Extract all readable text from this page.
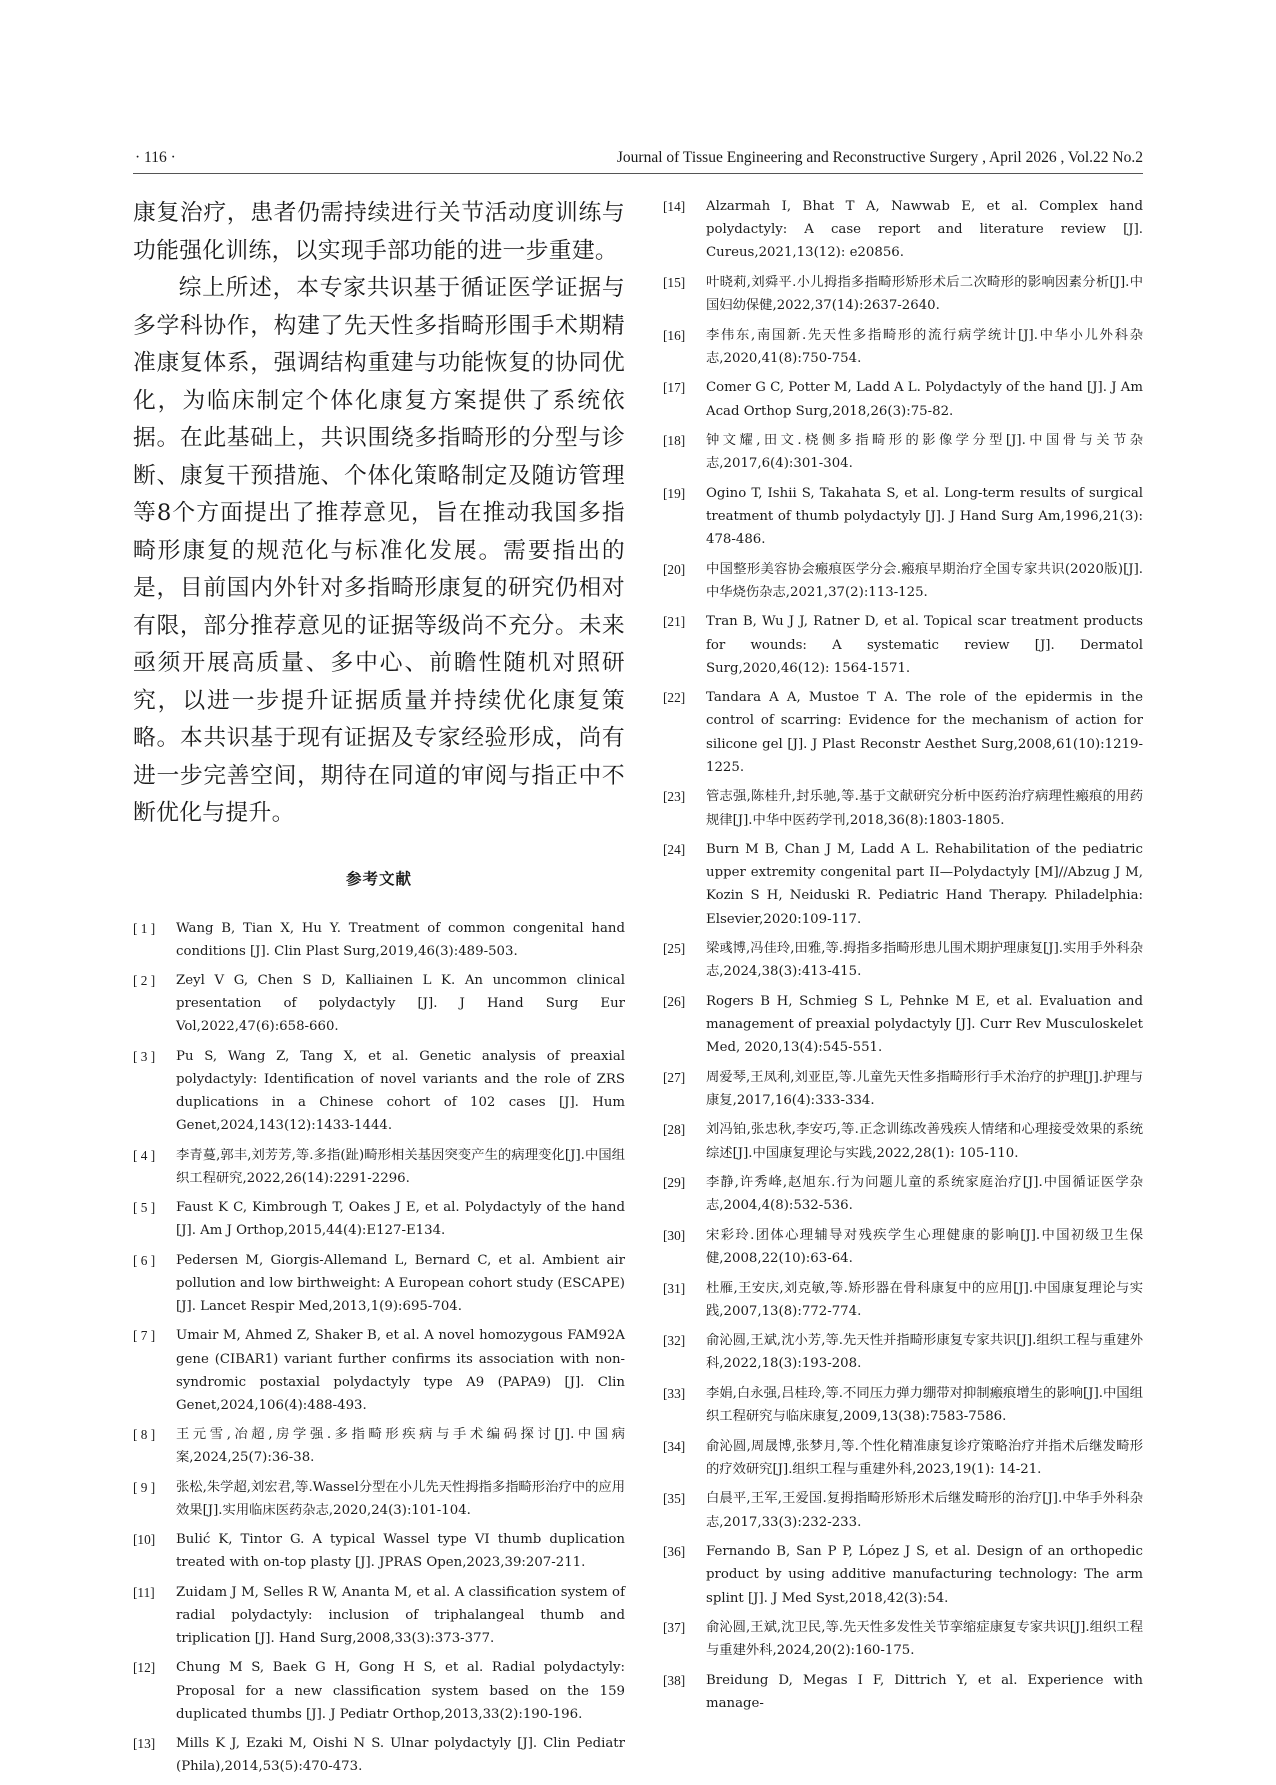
· 116 ·	Journal of Tissue Engineering and Reconstructive Surgery , April 2026 , Vol.22 No.2

康复治疗，患者仍需持续进行关节活动度训练与功能强化训练，以实现手部功能的进一步重建。

综上所述，本专家共识基于循证医学证据与多学科协作，构建了先天性多指畸形围手术期精准康复体系，强调结构重建与功能恢复的协同优化，为临床制定个体化康复方案提供了系统依据。在此基础上，共识围绕多指畸形的分型与诊断、康复干预措施、个体化策略制定及随访管理等8个方面提出了推荐意见，旨在推动我国多指畸形康复的规范化与标准化发展。需要指出的是，目前国内外针对多指畸形康复的研究仍相对有限，部分推荐意见的证据等级尚不充分。未来亟须开展高质量、多中心、前瞻性随机对照研究，以进一步提升证据质量并持续优化康复策略。本共识基于现有证据及专家经验形成，尚有进一步完善空间，期待在同道的审阅与指正中不断优化与提升。

参考文献
[ 1 ]	Wang B, Tian X, Hu Y. Treatment of common congenital hand conditions [J]. Clin Plast Surg,2019,46(3):489-503.
[ 2 ]	Zeyl V G, Chen S D, Kalliainen L K. An uncommon clinical presentation of polydactyly [J]. J Hand Surg Eur Vol,2022,47(6):658-660.
[ 3 ]	Pu S, Wang Z, Tang X, et al. Genetic analysis of preaxial polydactyly: Identification of novel variants and the role of ZRS duplications in a Chinese cohort of 102 cases [J]. Hum Genet,2024,143(12):1433-1444.
[ 4 ]	李青蔓,郭丰,刘芳芳,等.多指(趾)畸形相关基因突变产生的病理变化[J].中国组织工程研究,2022,26(14):2291-2296.
[ 5 ]	Faust K C, Kimbrough T, Oakes J E, et al. Polydactyly of the hand [J]. Am J Orthop,2015,44(4):E127-E134.
[ 6 ]	Pedersen M, Giorgis-Allemand L, Bernard C, et al. Ambient air pollution and low birthweight: A European cohort study (ESCAPE) [J]. Lancet Respir Med,2013,1(9):695-704.
[ 7 ]	Umair M, Ahmed Z, Shaker B, et al. A novel homozygous FAM92A gene (CIBAR1) variant further confirms its association with non-syndromic postaxial polydactyly type A9 (PAPA9) [J]. Clin Genet,2024,106(4):488-493.
[ 8 ]	王元雪,冶超,房学强.多指畸形疾病与手术编码探讨[J].中国病案,2024,25(7):36-38.
[ 9 ]	张松,朱学超,刘宏君,等.Wassel分型在小儿先天性拇指多指畸形治疗中的应用效果[J].实用临床医药杂志,2020,24(3):101-104.
[10]	Bulić K, Tintor G. A typical Wassel type VI thumb duplication treated with on-top plasty [J]. JPRAS Open,2023,39:207-211.
[11]	Zuidam J M, Selles R W, Ananta M, et al. A classification system of radial polydactyly: inclusion of triphalangeal thumb and triplication [J]. Hand Surg,2008,33(3):373-377.
[12]	Chung M S, Baek G H, Gong H S, et al. Radial polydactyly: Proposal for a new classification system based on the 159 duplicated thumbs [J]. J Pediatr Orthop,2013,33(2):190-196.
[13]	Mills K J, Ezaki M, Oishi N S. Ulnar polydactyly [J]. Clin Pediatr (Phila),2014,53(5):470-473.
[14]	Alzarmah I, Bhat T A, Nawwab E, et al. Complex hand polydactyly: A case report and literature review [J]. Cureus,2021,13(12): e20856.
[15]	叶晓莉,刘舜平.小儿拇指多指畸形矫形术后二次畸形的影响因素分析[J].中国妇幼保健,2022,37(14):2637-2640.
[16]	李伟东,南国新.先天性多指畸形的流行病学统计[J].中华小儿外科杂志,2020,41(8):750-754.
[17]	Comer G C, Potter M, Ladd A L. Polydactyly of the hand [J]. J Am Acad Orthop Surg,2018,26(3):75-82.
[18]	钟文耀,田文.桡侧多指畸形的影像学分型[J].中国骨与关节杂志,2017,6(4):301-304.
[19]	Ogino T, Ishii S, Takahata S, et al. Long-term results of surgical treatment of thumb polydactyly [J]. J Hand Surg Am,1996,21(3): 478-486.
[20]	中国整形美容协会瘢痕医学分会.瘢痕早期治疗全国专家共识(2020版)[J].中华烧伤杂志,2021,37(2):113-125.
[21]	Tran B, Wu J J, Ratner D, et al. Topical scar treatment products for wounds: A systematic review [J]. Dermatol Surg,2020,46(12): 1564-1571.
[22]	Tandara A A, Mustoe T A. The role of the epidermis in the control of scarring: Evidence for the mechanism of action for silicone gel [J]. J Plast Reconstr Aesthet Surg,2008,61(10):1219-1225.
[23]	管志强,陈桂升,封乐驰,等.基于文献研究分析中医药治疗病理性瘢痕的用药规律[J].中华中医药学刊,2018,36(8):1803-1805.
[24]	Burn M B, Chan J M, Ladd A L. Rehabilitation of the pediatric upper extremity congenital part II—Polydactyly [M]//Abzug J M, Kozin S H, Neiduski R. Pediatric Hand Therapy. Philadelphia: Elsevier,2020:109-117.
[25]	梁彧博,冯佳玲,田雅,等.拇指多指畸形患儿围术期护理康复[J].实用手外科杂志,2024,38(3):413-415.
[26]	Rogers B H, Schmieg S L, Pehnke M E, et al. Evaluation and management of preaxial polydactyly [J]. Curr Rev Musculoskelet Med, 2020,13(4):545-551.
[27]	周爱琴,王凤利,刘亚臣,等.儿童先天性多指畸形行手术治疗的护理[J].护理与康复,2017,16(4):333-334.
[28]	刘冯铂,张忠秋,李安巧,等.正念训练改善残疾人情绪和心理接受效果的系统综述[J].中国康复理论与实践,2022,28(1): 105-110.
[29]	李静,许秀峰,赵旭东.行为问题儿童的系统家庭治疗[J].中国循证医学杂志,2004,4(8):532-536.
[30]	宋彩玲.团体心理辅导对残疾学生心理健康的影响[J].中国初级卫生保健,2008,22(10):63-64.
[31]	杜雁,王安庆,刘克敏,等.矫形器在骨科康复中的应用[J].中国康复理论与实践,2007,13(8):772-774.
[32]	俞沁圆,王斌,沈小芳,等.先天性并指畸形康复专家共识[J].组织工程与重建外科,2022,18(3):193-208.
[33]	李娟,白永强,吕桂玲,等.不同压力弹力绷带对抑制瘢痕增生的影响[J].中国组织工程研究与临床康复,2009,13(38):7583-7586.
[34]	俞沁圆,周晟博,张梦月,等.个性化精准康复诊疗策略治疗并指术后继发畸形的疗效研究[J].组织工程与重建外科,2023,19(1): 14-21.
[35]	白晨平,王军,王爱国.复拇指畸形矫形术后继发畸形的治疗[J].中华手外科杂志,2017,33(3):232-233.
[36]	Fernando B, San P P, López J S, et al. Design of an orthopedic product by using additive manufacturing technology: The arm splint [J]. J Med Syst,2018,42(3):54.
[37]	俞沁圆,王斌,沈卫民,等.先天性多发性关节挛缩症康复专家共识[J].组织工程与重建外科,2024,20(2):160-175.
[38]	Breidung D, Megas I F, Dittrich Y, et al. Experience with manage-
